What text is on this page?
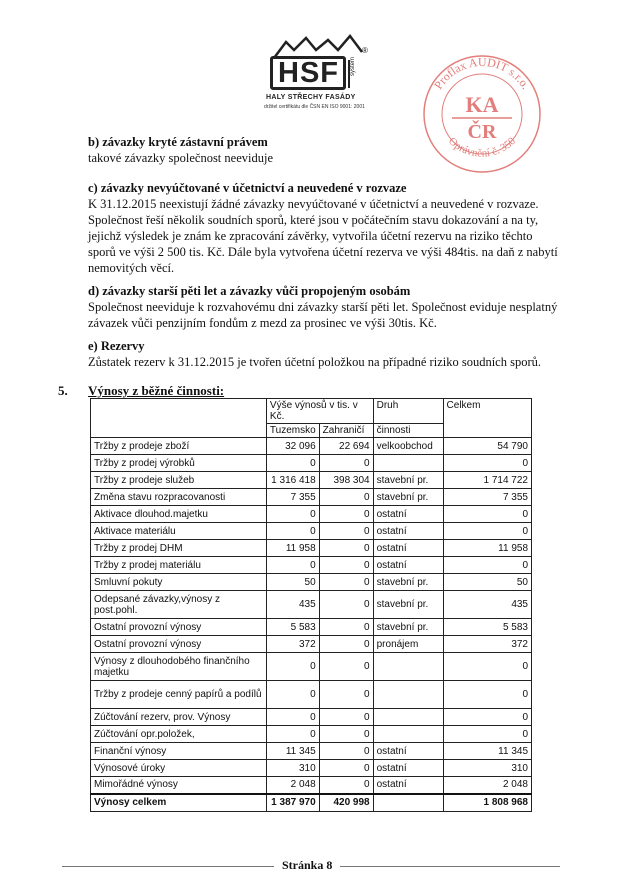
HSF system
®
HALY STŘECHY FASÁDY
držitel certifikátu dle ČSN EN ISO 9001: 2001
Proflax AUDIT s.r.o.
Oprávnění č. 350
KA
ČR
b) závazky kryté zástavní právem
takové závazky společnost neeviduje
c) závazky nevyúčtované v účetnictví a neuvedené v rozvaze
K 31.12.2015 neexistují žádné závazky nevyúčtované v účetnictví a neuvedené v rozvaze. Společnost řeší několik soudních sporů, které jsou v počátečním stavu dokazování a na ty, jejichž výsledek je znám ke zpracování závěrky, vytvořila účetní rezervu na riziko těchto sporů ve výši 2 500 tis. Kč. Dále byla vytvořena účetní rezerva ve výši 484tis. na daň z nabytí nemovitých věcí.
d) závazky starší pěti let a závazky vůči propojeným osobám
Společnost neeviduje k rozvahovému dni závazky starší pěti let. Společnost eviduje nesplatný závazek vůči penzijním fondům z mezd za prosinec ve výši 30tis. Kč.
e) Rezervy
Zůstatek rezerv k 31.12.2015 je tvořen účetní položkou na případné riziko soudních sporů.
5. Výnosy z běžné činnosti:
	Výše výnosů v tis. v Kč.		Druh	Celkem
	Tuzemsko	Zahraničí	činnosti	
Tržby z prodeje zboží	32 096	22 694	velkoobchod	54 790
Tržby z prodej výrobků	0	0		0
Tržby z prodeje služeb	1 316 418	398 304	stavební pr.	1 714 722
Změna stavu rozpracovanosti	7 355	0	stavební pr.	7 355
Aktivace dlouhod.majetku	0	0	ostatní	0
Aktivace materiálu	0	0	ostatní	0
Tržby z prodej DHM	11 958	0	ostatní	11 958
Tržby z prodej materiálu	0	0	ostatní	0
Smluvní pokuty	50	0	stavební pr.	50
Odepsané závazky,výnosy z post.pohl.	435	0	stavební pr.	435
Ostatní provozní výnosy	5 583	0	stavební pr.	5 583
Ostatní provozní výnosy	372	0	pronájem	372
Výnosy z dlouhodobého finančního majetku	0	0		0
Tržby z prodeje cenný papírů a podílů	0	0		0
Zúčtování rezerv, prov. Výnosy	0	0		0
Zúčtování opr.položek,	0	0		0
Finanční výnosy	11 345	0	ostatní	11 345
Výnosové úroky	310	0	ostatní	310
Mimořádné výnosy	2 048	0	ostatní	2 048
Výnosy celkem	1 387 970	420 998		1 808 968
Stránka 8
